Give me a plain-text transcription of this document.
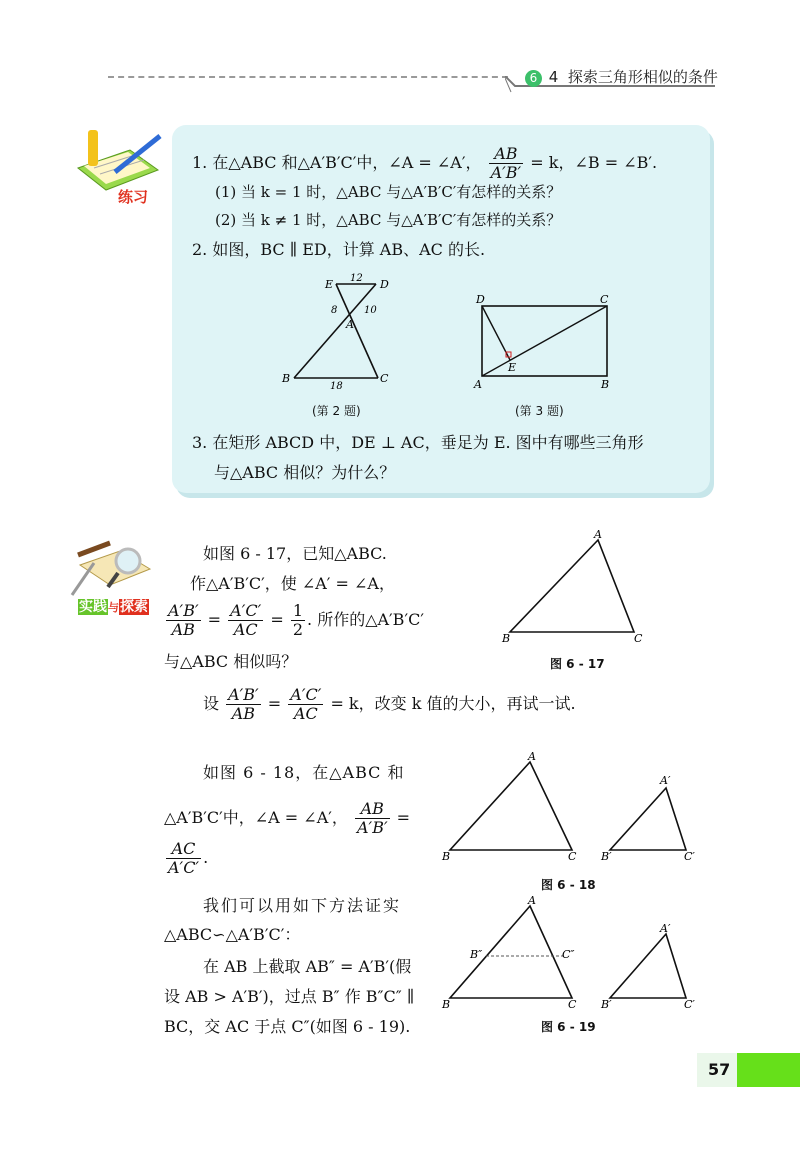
6 4 探索三角形相似的条件
练习
1. 在△ABC 和△A′B′C′中，∠A = ∠A′， $\frac{AB}{A'B'} = k$，∠B = ∠B′.
(1) 当 k = 1 时，△ABC 与△A′B′C′有怎样的关系？
(2) 当 k ≠ 1 时，△ABC 与△A′B′C′有怎样的关系？
2. 如图，BC ∥ ED，计算 AB、AC 的长.
E	D
A
B	C
12
8	10
18
(第 2 题)
D	C
A	B
E
(第 3 题)
3. 在矩形 ABCD 中，DE ⊥ AC，垂足为 E. 图中有哪些三角形
与△ABC 相似？为什么？
实践与探索
如图 6 - 17，已知△ABC.
作△A′B′C′，使 ∠A′ = ∠A，
$\frac{A'B'}{AB} = \frac{A'C'}{AC} = \frac{1}{2}$ . 所作的△A′B′C′
与△ABC 相似吗？
设 $\frac{A'B'}{AB} = \frac{A'C'}{AC} = k$，改变 k 值的大小，再试一试.
A
B	C
图 6 - 17
如图 6 - 18，在△ABC 和
△A′B′C′中，∠A = ∠A′， $\frac{AB}{A'B'}$ =
$\frac{AC}{A'C'}$ .
A
B	C
A′
B′	C′
图 6 - 18
我们可以用如下方法证实
△ABC∽△A′B′C′：
在 AB 上截取 AB″ = A′B′(假
设 AB > A′B′)，过点 B″ 作 B″C″ ∥
BC，交 AC 于点 C″(如图 6 - 19).
A
B	C
B″	C″
A′
B′	C′
图 6 - 19
57
